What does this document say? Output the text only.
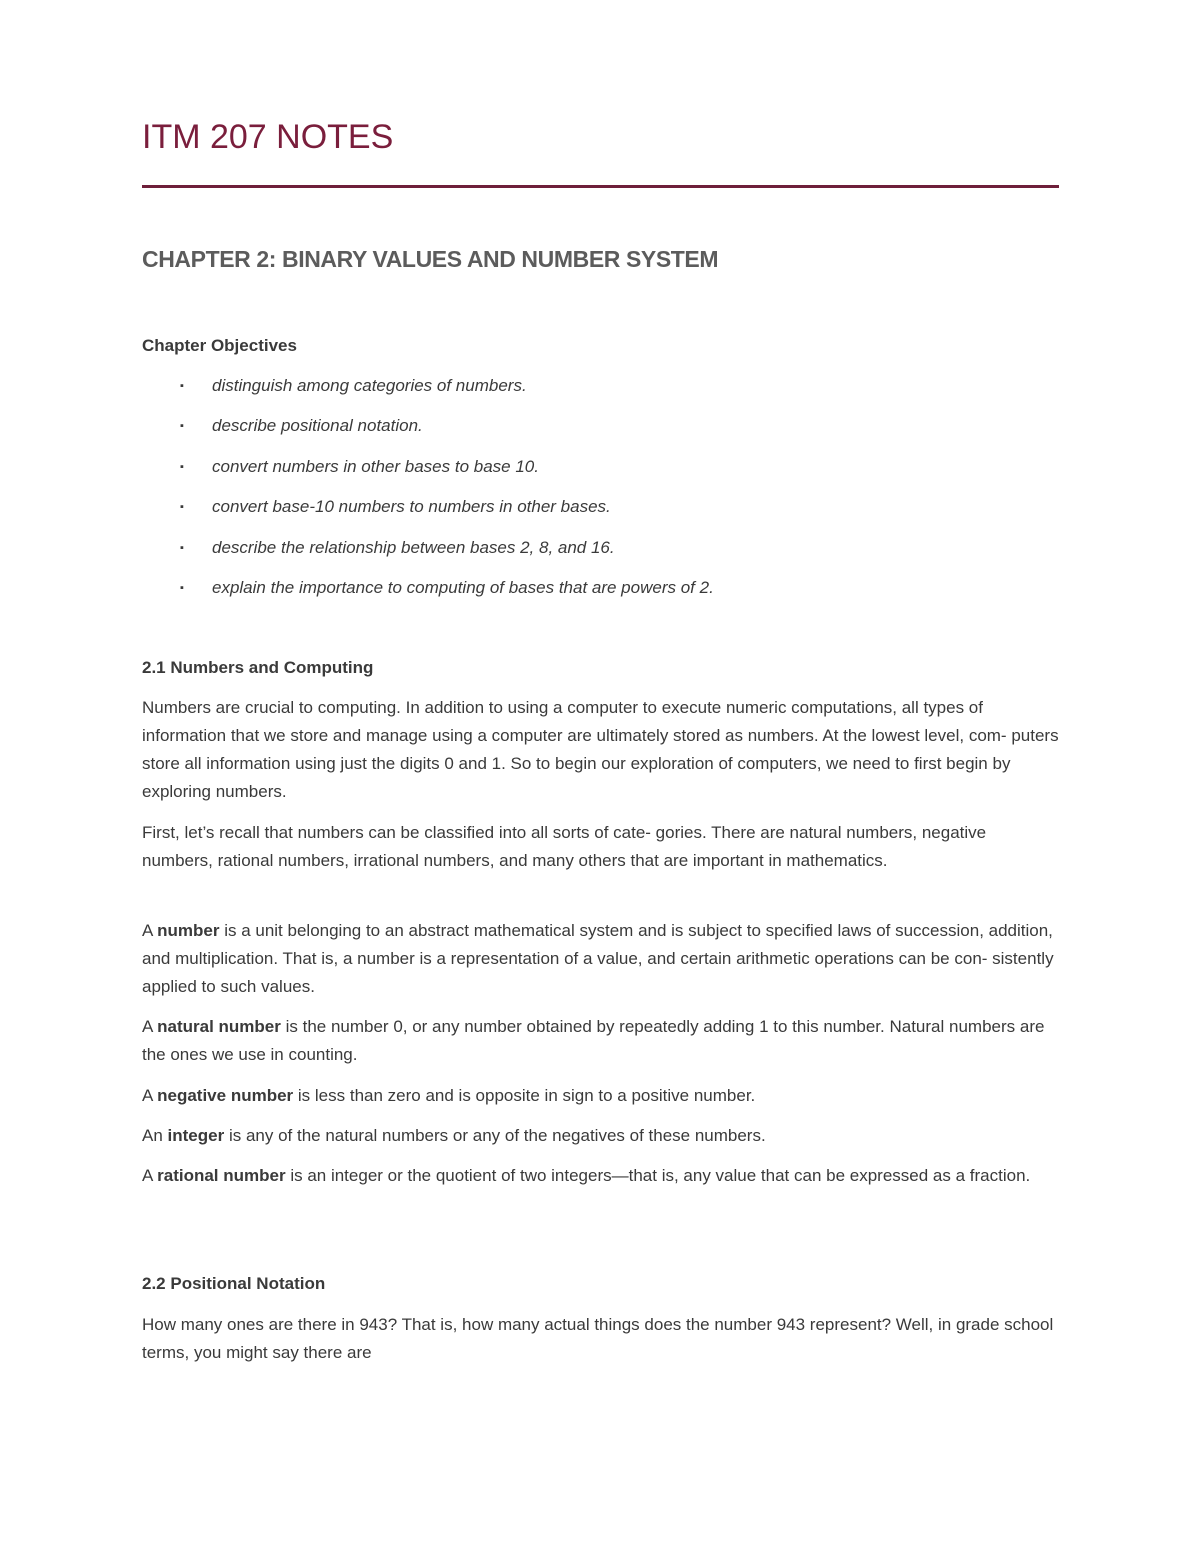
ITM 207 NOTES
CHAPTER 2: BINARY VALUES AND NUMBER SYSTEM
Chapter Objectives
▪ distinguish among categories of numbers.
▪ describe positional notation.
▪ convert numbers in other bases to base 10.
▪ convert base-10 numbers to numbers in other bases.
▪ describe the relationship between bases 2, 8, and 16.
▪ explain the importance to computing of bases that are powers of 2.
2.1 Numbers and Computing

Numbers are crucial to computing. In addition to using a computer to execute numeric computations, all types of information that we store and manage using a computer are ultimately stored as numbers. At the lowest level, com- puters store all information using just the digits 0 and 1. So to begin our exploration of computers, we need to first begin by exploring numbers.

First, let’s recall that numbers can be classified into all sorts of cate- gories. There are natural numbers, negative numbers, rational numbers, irrational numbers, and many others that are important in mathematics.

A number is a unit belonging to an abstract mathematical system and is subject to specified laws of succession, addition, and multiplication. That is, a number is a representation of a value, and certain arithmetic operations can be con- sistently applied to such values.

A natural number is the number 0, or any number obtained by repeatedly adding 1 to this number. Natural numbers are the ones we use in counting.

A negative number is less than zero and is opposite in sign to a positive number.

An integer is any of the natural numbers or any of the negatives of these numbers.

A rational number is an integer or the quotient of two integers—that is, any value that can be expressed as a fraction.

2.2 Positional Notation

How many ones are there in 943? That is, how many actual things does the number 943 represent? Well, in grade school terms, you might say there are
